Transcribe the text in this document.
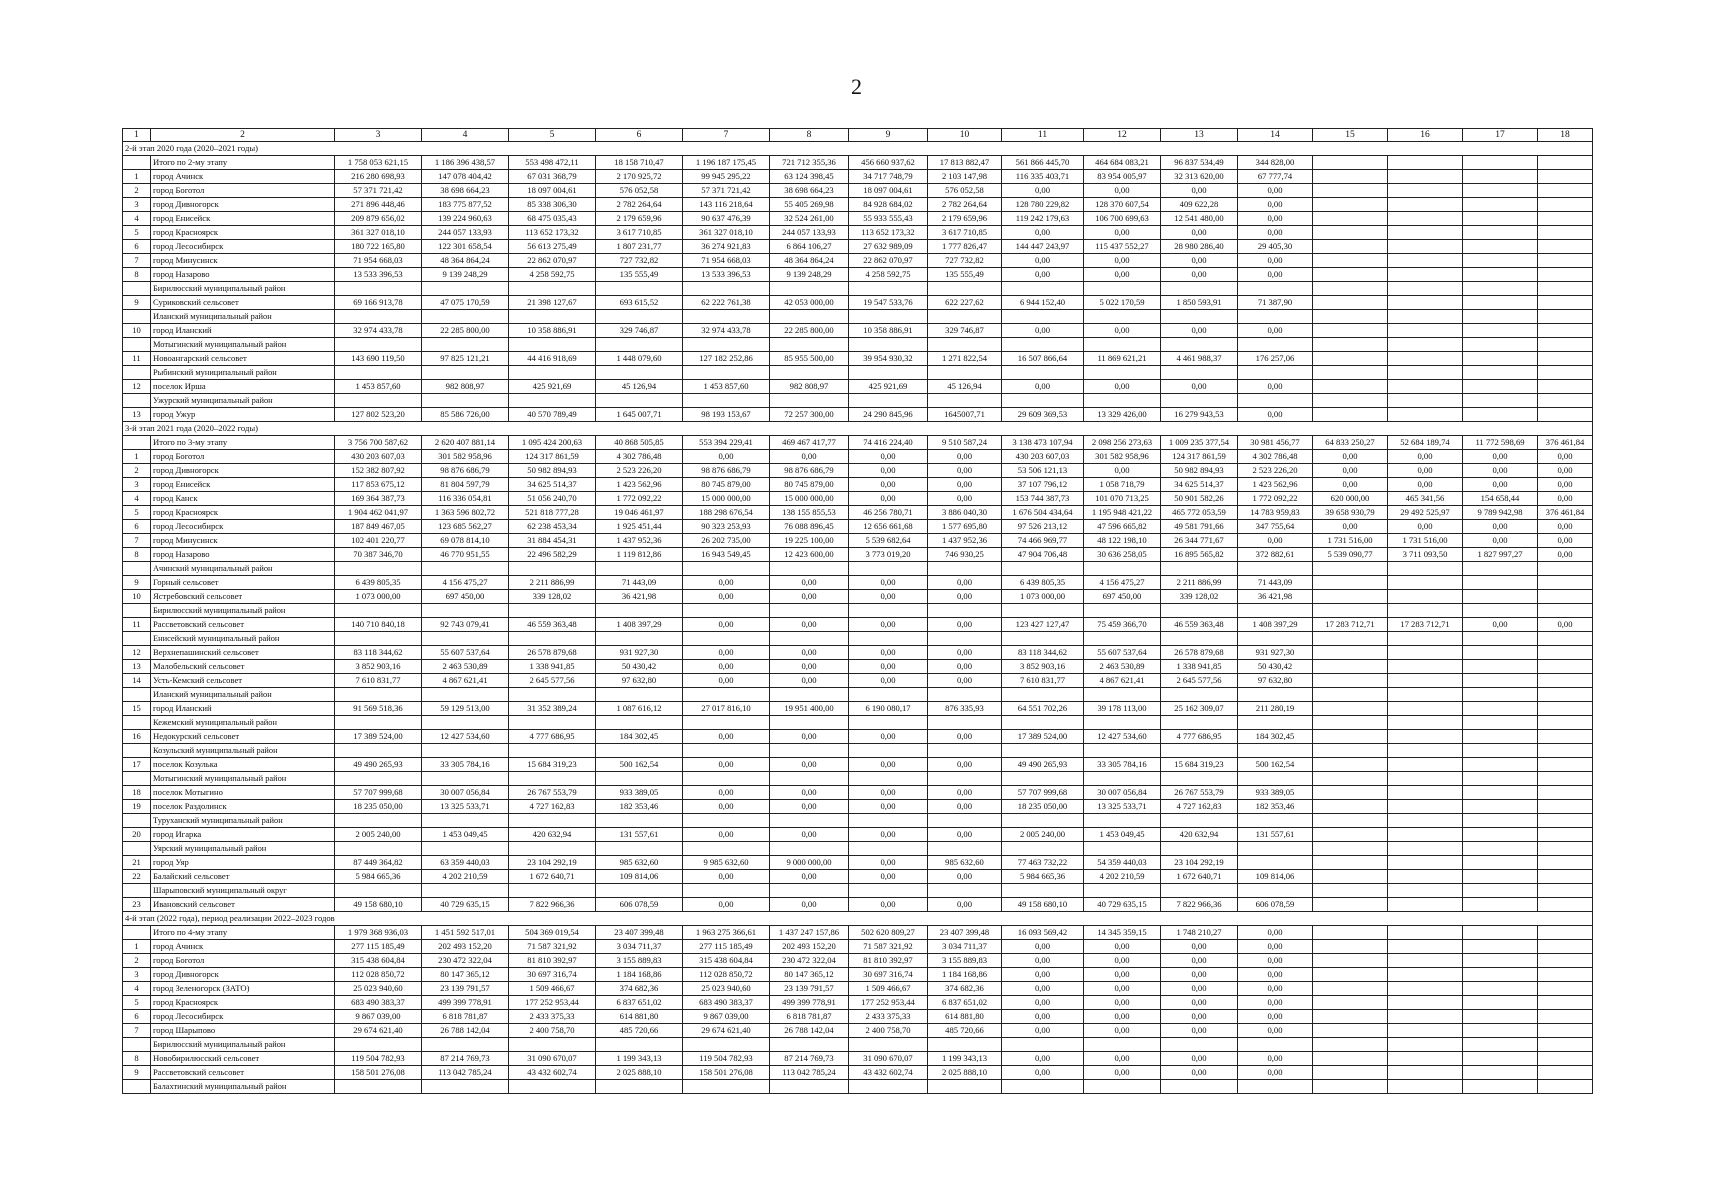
2
1	2	3	4	5	6	7	8	9	10	11	12	13	14	15	16	17	18
2-й этап 2020 года (2020–2021 годы)																	
	Итого по 2-му этапу	1 758 053 621,15	1 186 396 438,57	553 498 472,11	18 158 710,47	1 196 187 175,45	721 712 355,36	456 660 937,62	17 813 882,47	561 866 445,70	464 684 083,21	96 837 534,49	344 828,00				
1	город Ачинск	216 280 698,93	147 078 404,42	67 031 368,79	2 170 925,72	99 945 295,22	63 124 398,45	34 717 748,79	2 103 147,98	116 335 403,71	83 954 005,97	32 313 620,00	67 777,74				
2	город Боготол	57 371 721,42	38 698 664,23	18 097 004,61	576 052,58	57 371 721,42	38 698 664,23	18 097 004,61	576 052,58	0,00	0,00	0,00	0,00				
3	город Дивногорск	271 896 448,46	183 775 877,52	85 338 306,30	2 782 264,64	143 116 218,64	55 405 269,98	84 928 684,02	2 782 264,64	128 780 229,82	128 370 607,54	409 622,28	0,00				
4	город Енисейск	209 879 656,02	139 224 960,63	68 475 035,43	2 179 659,96	90 637 476,39	32 524 261,00	55 933 555,43	2 179 659,96	119 242 179,63	106 700 699,63	12 541 480,00	0,00				
5	город Красноярск	361 327 018,10	244 057 133,93	113 652 173,32	3 617 710,85	361 327 018,10	244 057 133,93	113 652 173,32	3 617 710,85	0,00	0,00	0,00	0,00				
6	город Лесосибирск	180 722 165,80	122 301 658,54	56 613 275,49	1 807 231,77	36 274 921,83	6 864 106,27	27 632 989,09	1 777 826,47	144 447 243,97	115 437 552,27	28 980 286,40	29 405,30				
7	город Минусинск	71 954 668,03	48 364 864,24	22 862 070,97	727 732,82	71 954 668,03	48 364 864,24	22 862 070,97	727 732,82	0,00	0,00	0,00	0,00				
8	город Назарово	13 533 396,53	9 139 248,29	4 258 592,75	135 555,49	13 533 396,53	9 139 248,29	4 258 592,75	135 555,49	0,00	0,00	0,00	0,00				
	Бирилюсский муниципальный район																
9	Суриковский сельсовет	69 166 913,78	47 075 170,59	21 398 127,67	693 615,52	62 222 761,38	42 053 000,00	19 547 533,76	622 227,62	6 944 152,40	5 022 170,59	1 850 593,91	71 387,90				
	Иланский муниципальный район																
10	город Иланский	32 974 433,78	22 285 800,00	10 358 886,91	329 746,87	32 974 433,78	22 285 800,00	10 358 886,91	329 746,87	0,00	0,00	0,00	0,00				
	Мотыгинский муниципальный район																
11	Новоангарский сельсовет	143 690 119,50	97 825 121,21	44 416 918,69	1 448 079,60	127 182 252,86	85 955 500,00	39 954 930,32	1 271 822,54	16 507 866,64	11 869 621,21	4 461 988,37	176 257,06				
	Рыбинский муниципальный район																
12	поселок Ирша	1 453 857,60	982 808,97	425 921,69	45 126,94	1 453 857,60	982 808,97	425 921,69	45 126,94	0,00	0,00	0,00	0,00				
	Ужурский муниципальный район																
13	город Ужур	127 802 523,20	85 586 726,00	40 570 789,49	1 645 007,71	98 193 153,67	72 257 300,00	24 290 845,96	1645007,71	29 609 369,53	13 329 426,00	16 279 943,53	0,00				
3-й этап 2021 года (2020–2022 годы)																	
	Итого по 3-му этапу	3 756 700 587,62	2 620 407 881,14	1 095 424 200,63	40 868 505,85	553 394 229,41	469 467 417,77	74 416 224,40	9 510 587,24	3 138 473 107,94	2 098 256 273,63	1 009 235 377,54	30 981 456,77	64 833 250,27	52 684 189,74	11 772 598,69	376 461,84
1	город Боготол	430 203 607,03	301 582 958,96	124 317 861,59	4 302 786,48	0,00	0,00	0,00	0,00	430 203 607,03	301 582 958,96	124 317 861,59	4 302 786,48	0,00	0,00	0,00	0,00
2	город Дивногорск	152 382 807,92	98 876 686,79	50 982 894,93	2 523 226,20	98 876 686,79	98 876 686,79	0,00	0,00	53 506 121,13	0,00	50 982 894,93	2 523 226,20	0,00	0,00	0,00	0,00
3	город Енисейск	117 853 675,12	81 804 597,79	34 625 514,37	1 423 562,96	80 745 879,00	80 745 879,00	0,00	0,00	37 107 796,12	1 058 718,79	34 625 514,37	1 423 562,96	0,00	0,00	0,00	0,00
4	город Канск	169 364 387,73	116 336 054,81	51 056 240,70	1 772 092,22	15 000 000,00	15 000 000,00	0,00	0,00	153 744 387,73	101 070 713,25	50 901 582,26	1 772 092,22	620 000,00	465 341,56	154 658,44	0,00
5	город Красноярск	1 904 462 041,97	1 363 596 802,72	521 818 777,28	19 046 461,97	188 298 676,54	138 155 855,53	46 256 780,71	3 886 040,30	1 676 504 434,64	1 195 948 421,22	465 772 053,59	14 783 959,83	39 658 930,79	29 492 525,97	9 789 942,98	376 461,84
6	город Лесосибирск	187 849 467,05	123 685 562,27	62 238 453,34	1 925 451,44	90 323 253,93	76 088 896,45	12 656 661,68	1 577 695,80	97 526 213,12	47 596 665,82	49 581 791,66	347 755,64	0,00	0,00	0,00	0,00
7	город Минусинск	102 401 220,77	69 078 814,10	31 884 454,31	1 437 952,36	26 202 735,00	19 225 100,00	5 539 682,64	1 437 952,36	74 466 969,77	48 122 198,10	26 344 771,67	0,00	1 731 516,00	1 731 516,00	0,00	0,00
8	город Назарово	70 387 346,70	46 770 951,55	22 496 582,29	1 119 812,86	16 943 549,45	12 423 600,00	3 773 019,20	746 930,25	47 904 706,48	30 636 258,05	16 895 565,82	372 882,61	5 539 090,77	3 711 093,50	1 827 997,27	0,00
	Ачинский муниципальный район																
9	Горный сельсовет	6 439 805,35	4 156 475,27	2 211 886,99	71 443,09	0,00	0,00	0,00	0,00	6 439 805,35	4 156 475,27	2 211 886,99	71 443,09				
10	Ястребовский сельсовет	1 073 000,00	697 450,00	339 128,02	36 421,98	0,00	0,00	0,00	0,00	1 073 000,00	697 450,00	339 128,02	36 421,98				
	Бирилюсский муниципальный район																
11	Рассветовский сельсовет	140 710 840,18	92 743 079,41	46 559 363,48	1 408 397,29	0,00	0,00	0,00	0,00	123 427 127,47	75 459 366,70	46 559 363,48	1 408 397,29	17 283 712,71	17 283 712,71	0,00	0,00
	Енисейский муниципальный район																
12	Верхнепашинский сельсовет	83 118 344,62	55 607 537,64	26 578 879,68	931 927,30	0,00	0,00	0,00	0,00	83 118 344,62	55 607 537,64	26 578 879,68	931 927,30				
13	Малобельский сельсовет	3 852 903,16	2 463 530,89	1 338 941,85	50 430,42	0,00	0,00	0,00	0,00	3 852 903,16	2 463 530,89	1 338 941,85	50 430,42				
14	Усть-Кемский сельсовет	7 610 831,77	4 867 621,41	2 645 577,56	97 632,80	0,00	0,00	0,00	0,00	7 610 831,77	4 867 621,41	2 645 577,56	97 632,80				
	Иланский муниципальный район																
15	город Иланский	91 569 518,36	59 129 513,00	31 352 389,24	1 087 616,12	27 017 816,10	19 951 400,00	6 190 080,17	876 335,93	64 551 702,26	39 178 113,00	25 162 309,07	211 280,19				
	Кежемский муниципальный район																
16	Недокурский сельсовет	17 389 524,00	12 427 534,60	4 777 686,95	184 302,45	0,00	0,00	0,00	0,00	17 389 524,00	12 427 534,60	4 777 686,95	184 302,45				
	Козульский муниципальный район																
17	поселок Козулька	49 490 265,93	33 305 784,16	15 684 319,23	500 162,54	0,00	0,00	0,00	0,00	49 490 265,93	33 305 784,16	15 684 319,23	500 162,54				
	Мотыгинский муниципальный район																
18	поселок Мотыгино	57 707 999,68	30 007 056,84	26 767 553,79	933 389,05	0,00	0,00	0,00	0,00	57 707 999,68	30 007 056,84	26 767 553,79	933 389,05				
19	поселок Раздолинск	18 235 050,00	13 325 533,71	4 727 162,83	182 353,46	0,00	0,00	0,00	0,00	18 235 050,00	13 325 533,71	4 727 162,83	182 353,46				
	Туруханский муниципальный район																
20	город Игарка	2 005 240,00	1 453 049,45	420 632,94	131 557,61	0,00	0,00	0,00	0,00	2 005 240,00	1 453 049,45	420 632,94	131 557,61				
	Уярский муниципальный район																
21	город Уяр	87 449 364,82	63 359 440,03	23 104 292,19	985 632,60	9 985 632,60	9 000 000,00	0,00	985 632,60	77 463 732,22	54 359 440,03	23 104 292,19					
22	Балайский сельсовет	5 984 665,36	4 202 210,59	1 672 640,71	109 814,06	0,00	0,00	0,00	0,00	5 984 665,36	4 202 210,59	1 672 640,71	109 814,06				
	Шарыповский муниципальный округ																
23	Ивановский сельсовет	49 158 680,10	40 729 635,15	7 822 966,36	606 078,59	0,00	0,00	0,00	0,00	49 158 680,10	40 729 635,15	7 822 966,36	606 078,59				
4-й этап (2022 года), период реализации 2022–2023 годов																	
	Итого по 4-му этапу	1 979 368 936,03	1 451 592 517,01	504 369 019,54	23 407 399,48	1 963 275 366,61	1 437 247 157,86	502 620 809,27	23 407 399,48	16 093 569,42	14 345 359,15	1 748 210,27	0,00				
1	город Ачинск	277 115 185,49	202 493 152,20	71 587 321,92	3 034 711,37	277 115 185,49	202 493 152,20	71 587 321,92	3 034 711,37	0,00	0,00	0,00	0,00				
2	город Боготол	315 438 604,84	230 472 322,04	81 810 392,97	3 155 889,83	315 438 604,84	230 472 322,04	81 810 392,97	3 155 889,83	0,00	0,00	0,00	0,00				
3	город Дивногорск	112 028 850,72	80 147 365,12	30 697 316,74	1 184 168,86	112 028 850,72	80 147 365,12	30 697 316,74	1 184 168,86	0,00	0,00	0,00	0,00				
4	город Зеленогорск (ЗАТО)	25 023 940,60	23 139 791,57	1 509 466,67	374 682,36	25 023 940,60	23 139 791,57	1 509 466,67	374 682,36	0,00	0,00	0,00	0,00				
5	город Красноярск	683 490 383,37	499 399 778,91	177 252 953,44	6 837 651,02	683 490 383,37	499 399 778,91	177 252 953,44	6 837 651,02	0,00	0,00	0,00	0,00				
6	город Лесосибирск	9 867 039,00	6 818 781,87	2 433 375,33	614 881,80	9 867 039,00	6 818 781,87	2 433 375,33	614 881,80	0,00	0,00	0,00	0,00				
7	город Шарыпово	29 674 621,40	26 788 142,04	2 400 758,70	485 720,66	29 674 621,40	26 788 142,04	2 400 758,70	485 720,66	0,00	0,00	0,00	0,00				
	Бирилюсский муниципальный район																
8	Новобирилюсский сельсовет	119 504 782,93	87 214 769,73	31 090 670,07	1 199 343,13	119 504 782,93	87 214 769,73	31 090 670,07	1 199 343,13	0,00	0,00	0,00	0,00				
9	Рассветовский сельсовет	158 501 276,08	113 042 785,24	43 432 602,74	2 025 888,10	158 501 276,08	113 042 785,24	43 432 602,74	2 025 888,10	0,00	0,00	0,00	0,00				
	Балахтинский муниципальный район																
